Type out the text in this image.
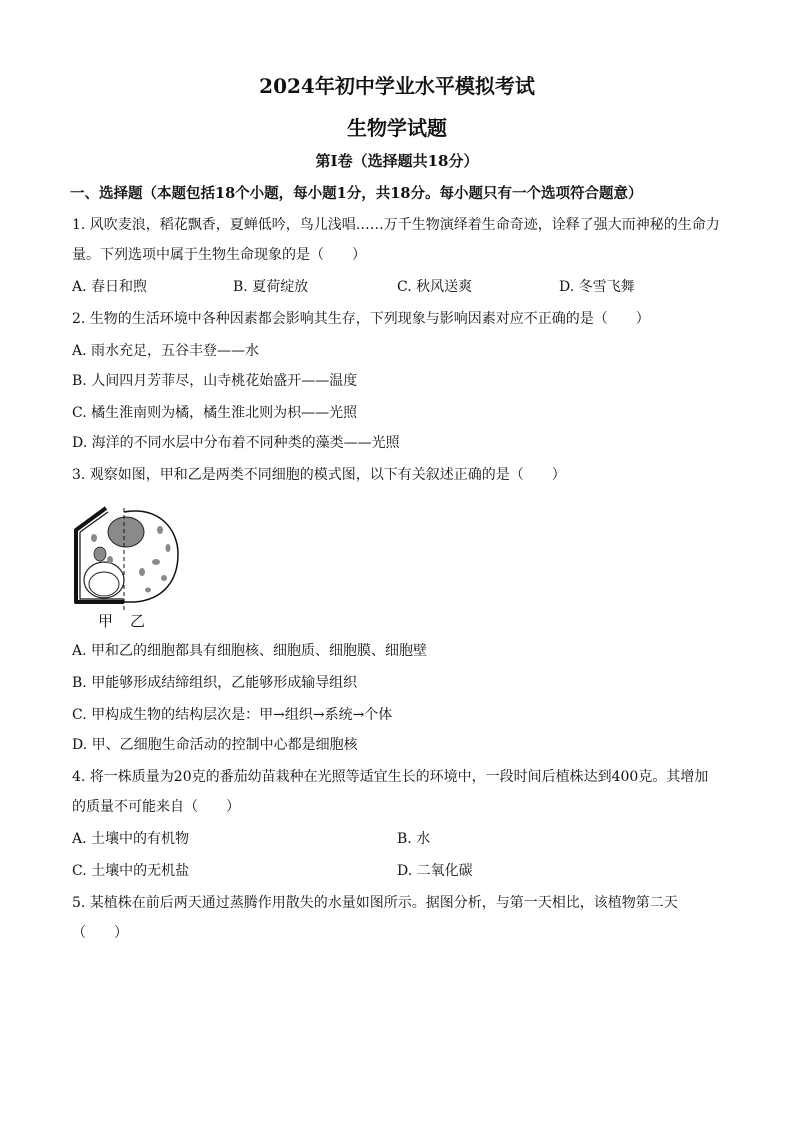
2024年初中学业水平模拟考试
生物学试题
第Ⅰ卷（选择题共18分）
一、选择题（本题包括18个小题，每小题1分，共18分。每小题只有一个选项符合题意）
1. 风吹麦浪，稻花飘香，夏蝉低吟，鸟儿浅唱……万千生物演绎着生命奇迹，诠释了强大而神秘的生命力
量。下列选项中属于生物生命现象的是（　　）
A. 春日和煦	B. 夏荷绽放	C. 秋风送爽	D. 冬雪飞舞
2. 生物的生活环境中各种因素都会影响其生存，下列现象与影响因素对应不正确的是（　　）
A. 雨水充足，五谷丰登——水
B. 人间四月芳菲尽，山寺桃花始盛开——温度
C. 橘生淮南则为橘，橘生淮北则为枳——光照
D. 海洋的不同水层中分布着不同种类的藻类——光照
3. 观察如图，甲和乙是两类不同细胞的模式图，以下有关叙述正确的是（　　）
甲 乙
A. 甲和乙的细胞都具有细胞核、细胞质、细胞膜、细胞壁
B. 甲能够形成结缔组织，乙能够形成输导组织
C. 甲构成生物的结构层次是：甲→组织→系统→个体
D. 甲、乙细胞生命活动的控制中心都是细胞核
4. 将一株质量为20克的番茄幼苗栽种在光照等适宜生长的环境中，一段时间后植株达到400克。其增加
的质量不可能来自（　　）
A. 土壤中的有机物	B. 水
C. 土壤中的无机盐	D. 二氧化碳
5. 某植株在前后两天通过蒸腾作用散失的水量如图所示。据图分析，与第一天相比，该植物第二天
（　　）
